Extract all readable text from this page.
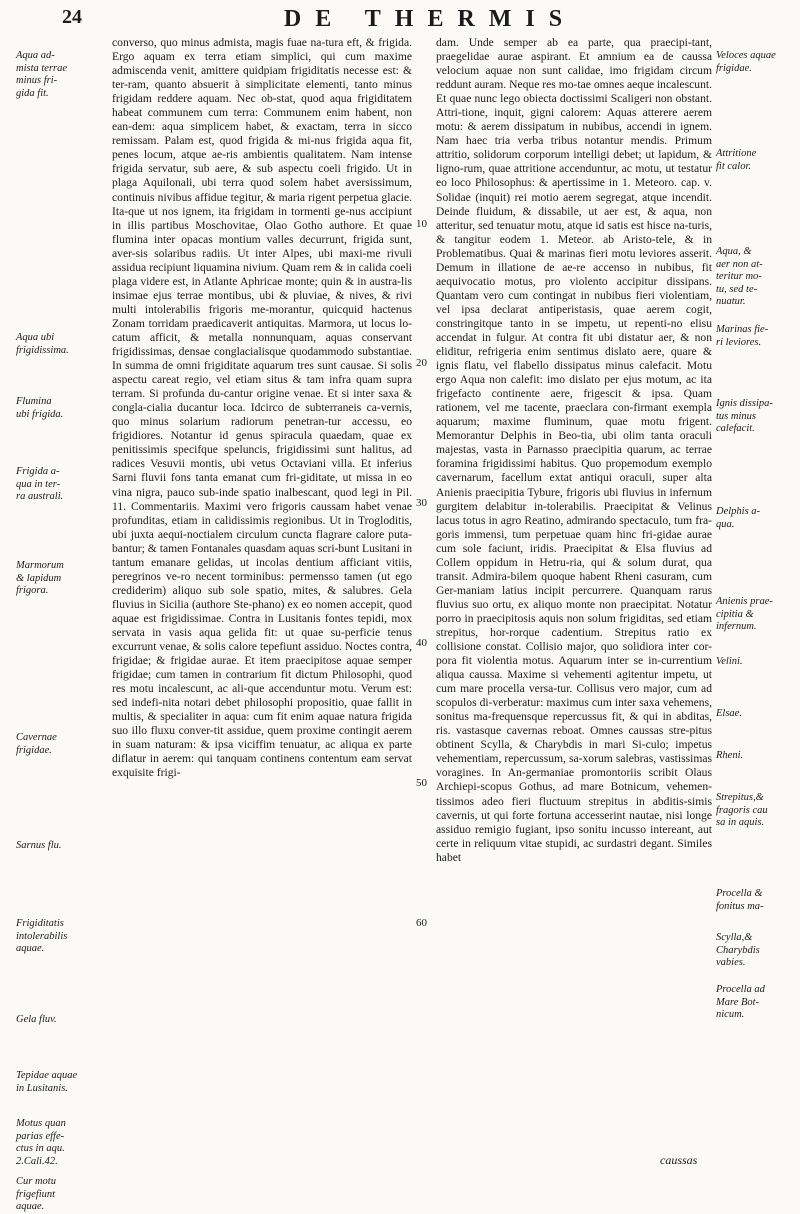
24	DE THERMIS
Aqua ad-
mista terrae
minus fri-
gida fit.
Aqua ubi
frigidissima.
Flumina
ubi frigida.
Frigida a-
qua in ter-
ra australi.
Marmorum
& lapidum
frigora.
Cavernae
frigidae.
Sarnus flu.
Frigiditatis
intolerabilis
aquae.
Gela fluv.
Tepidae aquae
in Lusitanis.
Motus quan
parias effe-
ctus in aqu.
2.Cali.42.
Cur motu
frigefiunt
aquae.

converso, quo minus admista, magis fuae na-tura eft, & frigida. Ergo aquam ex terra etiam simplici, qui cum maxime admiscenda venit, amittere quidpiam frigiditatis necesse est: & ter-ram, quanto absuerit à simplicitate elementi, tanto minus frigidam reddere aquam. Nec ob-stat, quod aqua frigiditatem habeat communem cum terra: Communem enim habent, non ean-dem: aqua simplicem habet, & exactam, terra in sicco remissam. Palam est, quod frigida & mi-nus frigida aqua fit, penes locum, atque ae-ris ambientis qualitatem. Nam intense frigida servatur, sub aere, & sub aspectu coeli frigido. Ut in plaga Aquilonali, ubi terra quod solem habet aversissimum, continuis nivibus affidue tegitur, & maria rigent perpetua glacie. Ita-que ut nos ignem, ita frigidam in tormenti ge-nus accipiunt in illis partibus Moschovitae, Olao Gotho authore. Et quae flumina inter opacas montium valles decurrunt, frigida sunt, aver-sis solaribus radiis. Ut inter Alpes, ubi maxi-me rivuli assidua recipiunt liquamina nivium. Quam rem & in calida coeli plaga videre est, in Atlante Aphricae monte; quin & in austra-lis insimae ejus terrae montibus, ubi & pluviae, & nives, & rivi multi intolerabilis frigoris me-morantur, quicquid hactenus Zonam torridam praedicaverit antiquitas. Marmora, ut locus lo-catum afficit, & metalla nonnunquam, aquas conservant frigidissimas, densae conglacialisque quodammodo substantiae. In summa de omni frigiditate aquarum tres sunt causae. Si solis aspectu careat regio, vel etiam situs & tam infra quam supra terram. Si profunda du-cantur origine venae. Et si inter saxa & congla-cialia ducantur loca. Idcirco de subterraneis ca-vernis, quo minus solarium radiorum penetran-tur accessu, eo frigidiores. Notantur id genus spiracula quaedam, quae ex penitissimis specifque speluncis, frigidissimi sunt halitus, ad radices Vesuvii montis, ubi vetus Octaviani villa. Et inferius Sarni fluvii fons tanta emanat cum fri-giditate, ut missa in eo vina nigra, pauco sub-inde spatio inalbescant, quod legi in Pil. 11. Commentariis. Maximi vero frigoris caussam habet venae profunditas, etiam in calidissimis regionibus. Ut in Trogloditis, ubi juxta aequi-noctialem circulum cuncta flagrare calore puta-bantur; & tamen Fontanales quasdam aquas scri-bunt Lusitani in tantum emanare gelidas, ut incolas dentium afficiant vitiis, peregrinos ve-ro necent torminibus: permensso tamen (ut ego crediderim) aliquo sub sole spatio, mites, & salubres. Gela fluvius in Sicilia (authore Ste-phano) ex eo nomen accepit, quod aquae est frigidissimae. Contra in Lusitanis fontes tepidi, mox servata in vasis aqua gelida fit: ut quae su-perficie tenus excurrunt venae, & solis calore tepefiunt assiduo. Noctes contra, frigidae; & frigidae aurae. Et item praecipitose aquae semper frigidae; cum tamen in contrarium fit dictum Philosophi, quod res motu incalescunt, ac ali-que accenduntur motu. Verum est: sed indefi-nita notari debet philosophi propositio, quae fallit in multis, & specialiter in aqua: cum fit enim aquae natura frigida suo illo fluxu conver-tit assidue, quem proxime contingit aerem in suam naturam: & ipsa viciffim tenuatur, ac aliqua ex parte diflatur in aerem: qui tanquam continens contentum eam servat exquisite frigi-

10
20
30
40
50
60

dam. Unde semper ab ea parte, qua praecipi-tant, praegelidae aurae aspirant. Et amnium ea de caussa velocium aquae non sunt calidae, imo frigidam circum reddunt auram. Neque res mo-tae omnes aeque incalescunt. Et quae nunc lego obiecta doctissimi Scaligeri non obstant. Attri-tione, inquit, gigni calorem: Aquas atterere aerem motu: & aerem dissipatum in nubibus, accendi in ignem. Nam haec tria verba tribus notantur mendis. Primum attritio, solidorum corporum intelligi debet; ut lapidum, & ligno-rum, quae attritione accenduntur, ac motu, ut testatur eo loco Philosophus: & apertissime in 1. Meteoro. cap. v. Solidae (inquit) rei motio aerem segregat, atque incendit. Deinde fluidum, & dissabile, ut aer est, & aqua, non atteritur, sed tenuatur motu, atque id satis est hisce na-turis, & tangitur eodem 1. Meteor. ab Aristo-tele, & in Problematibus. Quai & marinas fieri motu leviores asserit. Demum in illatione de ae-re accenso in nubibus, fit aequivocatio motus, pro violento accipitur dissipans. Quantam vero cum contingat in nubibus fieri violentiam, vel ipsa declarat antiperistasis, quae aerem cogit, constringitque tanto in se impetu, ut repenti-no elisu accendat in fulgur. At contra fit ubi distatur aer, & non eliditur, refrigeria enim sentimus dislato aere, quare & ignis flatu, vel flabello dissipatus minus calefacit. Motu ergo Aqua non calefit: imo dislato per ejus motum, ac ita frigefacto continente aere, frigescit & ipsa. Quam rationem, vel me tacente, praeclara con-firmant exempla aquarum; maxime fluminum, quae motu frigent. Memorantur Delphis in Beo-tia, ubi olim tanta oraculi majestas, vasta in Parnasso praecipitia quarum, ac terrae foramina frigidissimi habitus. Quo propemodum exemplo cavernarum, facellum extat antiqui oraculi, super alta Anienis praecipitia Tybure, frigoris ubi fluvius in infernum gurgitem delabitur in-tolerabilis. Praecipitat & Velinus lacus totus in agro Reatino, admirando spectaculo, tum fra-goris immensi, tum perpetuae quam hinc fri-gidae aurae cum sole faciunt, iridis. Praecipitat & Elsa fluvius ad Collem oppidum in Hetru-ria, qui & solum durat, qua transit. Admira-bilem quoque habent Rheni casuram, cum Ger-maniam latius incipit percurrere. Quanquam rarus fluvius suo ortu, ex aliquo monte non praecipitat. Notatur porro in praecipitosis aquis non solum frigiditas, sed etiam strepitus, hor-rorque cadentium. Strepitus ratio ex collisione constat. Collisio major, quo solidiora inter cor-pora fit violentia motus. Aquarum inter se in-currentium aliqua caussa. Maxime si vehementi agitentur impetu, ut cum mare procella versa-tur. Collisus vero major, cum ad scopulos di-verberatur: maximus cum inter saxa vehemens, sonitus ma-frequensque repercussus fit, & qui in abditas, ris. vastasque cavernas reboat. Omnes caussas stre-pitus obtinent Scylla, & Charybdis in mari Si-culo; impetus vehementiam, repercussum, sa-xorum salebras, vastissimas voragines. In An-germaniae promontoriis scribit Olaus Archiepi-scopus Gothus, ad mare Botnicum, vehemen-tissimos adeo fieri fluctuum strepitus in abditis-simis cavernis, ut qui forte fortuna accesserint nautae, nisi longe assiduo remigio fugiant, ipso sonitu incusso intereant, aut certe in reliquum vitae stupidi, ac surdastri degant. Similes habet

Veloces aquae
frigidae.
Attritione
fit calor.
Aqua, &
aer non at-
teritur mo-
tu, sed te-
nuatur.
Marinas fie-
ri leviores.
Ignis dissipa-
tus minus
calefacit.
Delphis a-
qua.
Anienis prae-
cipitia &
infernum.
Velini.
Elsae.
Rheni.
Strepitus,&
fragoris cau
sa in aquis.
Procella &
fonitus ma-
Scylla,&
Charybdis
vabies.
Procella ad
Mare Bot-
nicum.
caussas
